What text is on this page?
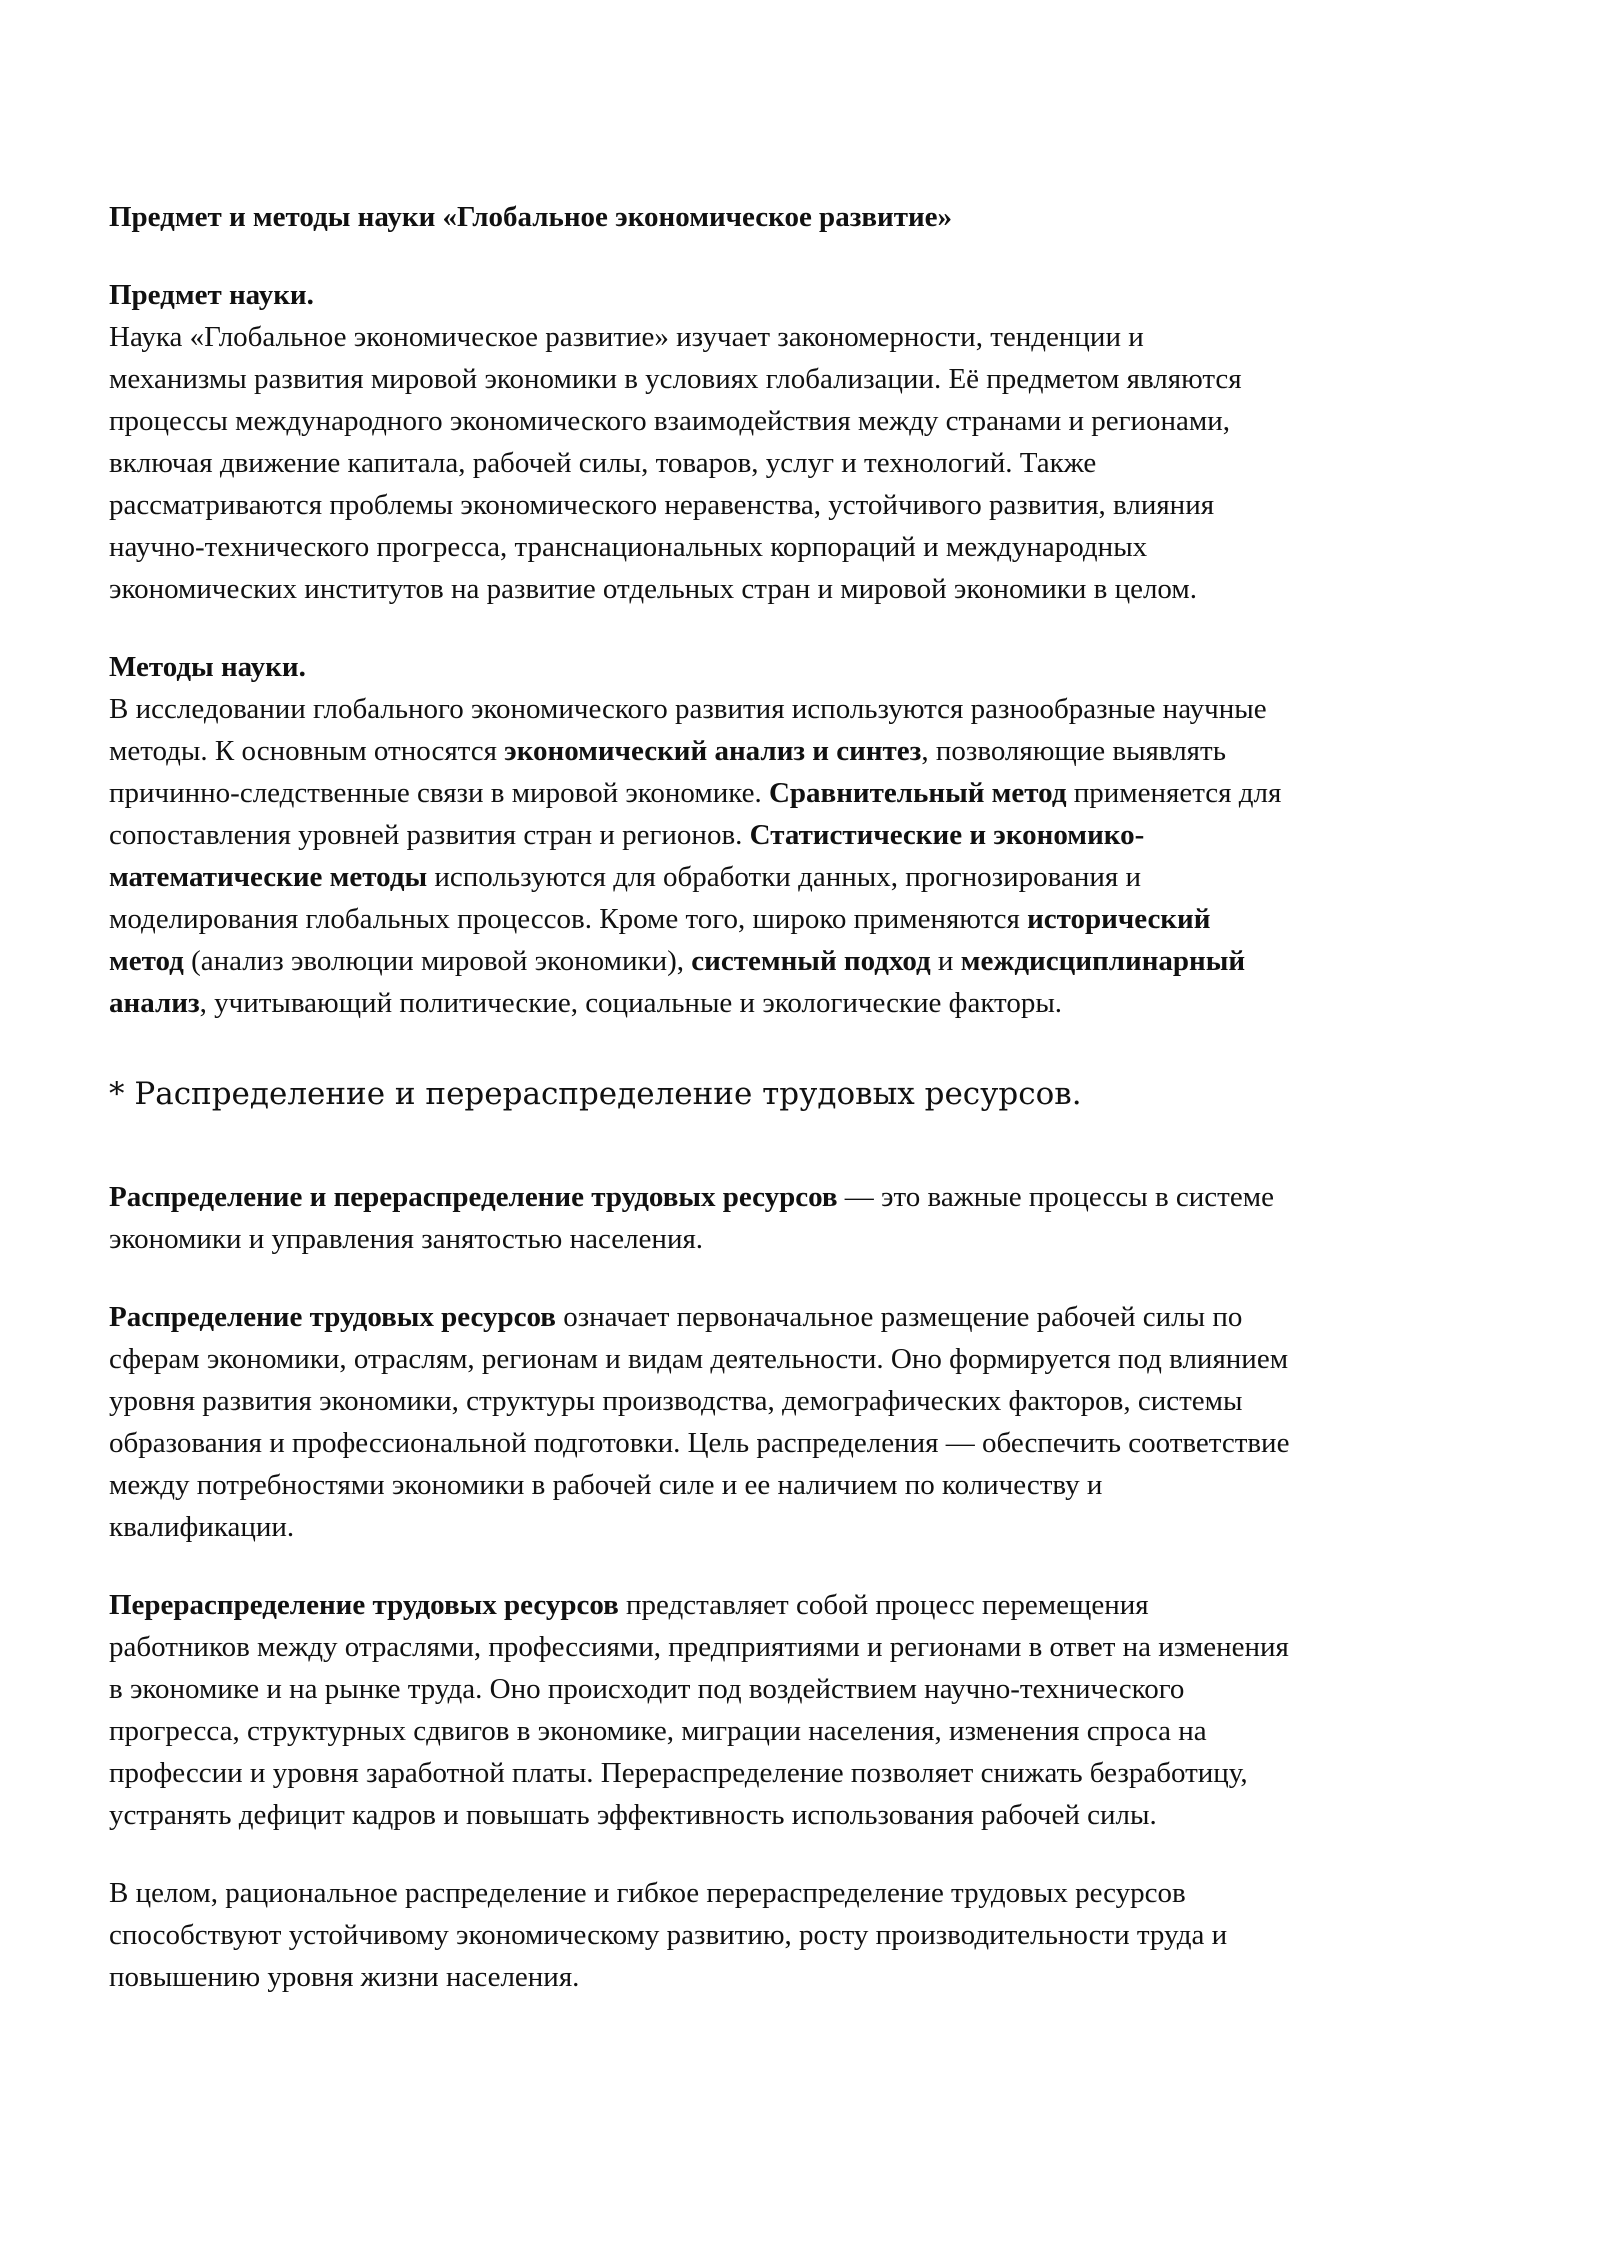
Предмет и методы науки «Глобальное экономическое развитие»

Предмет науки.

Наука «Глобальное экономическое развитие» изучает закономерности, тенденции и
механизмы развития мировой экономики в условиях глобализации. Её предметом являются
процессы международного экономического взаимодействия между странами и регионами,
включая движение капитала, рабочей силы, товаров, услуг и технологий. Также
рассматриваются проблемы экономического неравенства, устойчивого развития, влияния
научно-технического прогресса, транснациональных корпораций и международных
экономических институтов на развитие отдельных стран и мировой экономики в целом.

Методы науки.

В исследовании глобального экономического развития используются разнообразные научные
методы. К основным относятся экономический анализ и синтез, позволяющие выявлять
причинно-следственные связи в мировой экономике. Сравнительный метод применяется для
сопоставления уровней развития стран и регионов. Статистические и экономико-
математические методы используются для обработки данных, прогнозирования и
моделирования глобальных процессов. Кроме того, широко применяются исторический
метод (анализ эволюции мировой экономики), системный подход и междисциплинарный
анализ, учитывающий политические, социальные и экологические факторы.

* Распределение и перераспределение трудовых ресурсов.

Распределение и перераспределение трудовых ресурсов — это важные процессы в системе
экономики и управления занятостью населения.
Распределение трудовых ресурсов означает первоначальное размещение рабочей силы по
сферам экономики, отраслям, регионам и видам деятельности. Оно формируется под влиянием
уровня развития экономики, структуры производства, демографических факторов, системы
образования и профессиональной подготовки. Цель распределения — обеспечить соответствие
между потребностями экономики в рабочей силе и ее наличием по количеству и
квалификации.
Перераспределение трудовых ресурсов представляет собой процесс перемещения
работников между отраслями, профессиями, предприятиями и регионами в ответ на изменения
в экономике и на рынке труда. Оно происходит под воздействием научно-технического
прогресса, структурных сдвигов в экономике, миграции населения, изменения спроса на
профессии и уровня заработной платы. Перераспределение позволяет снижать безработицу,
устранять дефицит кадров и повышать эффективность использования рабочей силы.
В целом, рациональное распределение и гибкое перераспределение трудовых ресурсов
способствуют устойчивому экономическому развитию, росту производительности труда и
повышению уровня жизни населения.
